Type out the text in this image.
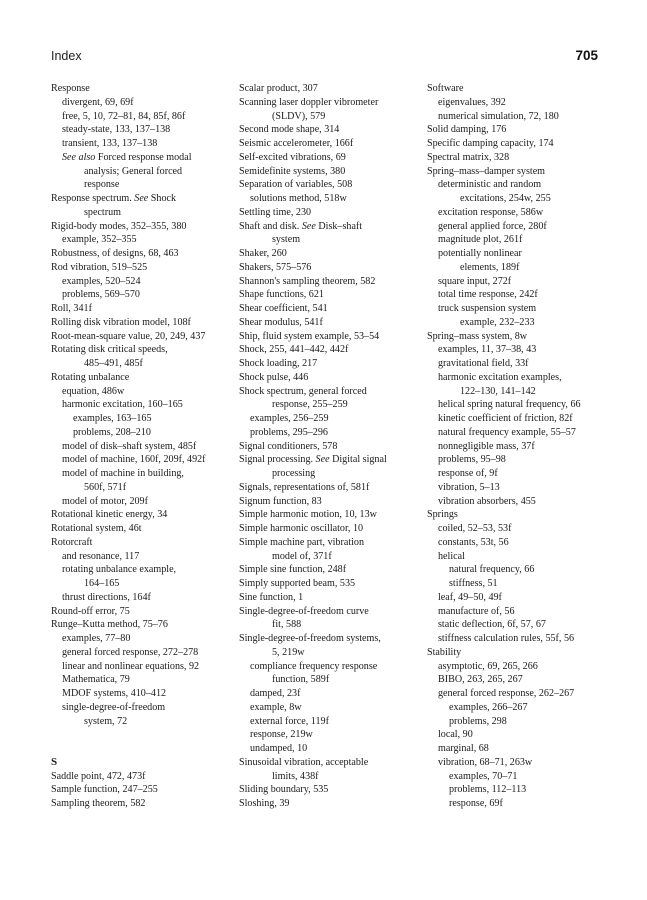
Index	705
Response
divergent, 69, 69f
free, 5, 10, 72–81, 84, 85f, 86f
steady-state, 133, 137–138
transient, 133, 137–138
See also Forced response modal
analysis; General forced
response
Response spectrum. See Shock
spectrum
Rigid-body modes, 352–355, 380
example, 352–355
Robustness, of designs, 68, 463
Rod vibration, 519–525
examples, 520–524
problems, 569–570
Roll, 341f
Rolling disk vibration model, 108f
Root-mean-square value, 20, 249, 437
Rotating disk critical speeds,
485–491, 485f
Rotating unbalance
equation, 486w
harmonic excitation, 160–165
examples, 163–165
problems, 208–210
model of disk–shaft system, 485f
model of machine, 160f, 209f, 492f
model of machine in building,
560f, 571f
model of motor, 209f
Rotational kinetic energy, 34
Rotational system, 46t
Rotorcraft
and resonance, 117
rotating unbalance example,
164–165
thrust directions, 164f
Round-off error, 75
Runge–Kutta method, 75–76
examples, 77–80
general forced response, 272–278
linear and nonlinear equations, 92
Mathematica, 79
MDOF systems, 410–412
single-degree-of-freedom
system, 72
S
Saddle point, 472, 473f
Sample function, 247–255
Sampling theorem, 582
Scalar product, 307
Scanning laser doppler vibrometer
(SLDV), 579
Second mode shape, 314
Seismic accelerometer, 166f
Self-excited vibrations, 69
Semidefinite systems, 380
Separation of variables, 508
solutions method, 518w
Settling time, 230
Shaft and disk. See Disk–shaft
system
Shaker, 260
Shakers, 575–576
Shannon's sampling theorem, 582
Shape functions, 621
Shear coefficient, 541
Shear modulus, 541f
Ship, fluid system example, 53–54
Shock, 255, 441–442, 442f
Shock loading, 217
Shock pulse, 446
Shock spectrum, general forced
response, 255–259
examples, 256–259
problems, 295–296
Signal conditioners, 578
Signal processing. See Digital signal
processing
Signals, representations of, 581f
Signum function, 83
Simple harmonic motion, 10, 13w
Simple harmonic oscillator, 10
Simple machine part, vibration
model of, 371f
Simple sine function, 248f
Simply supported beam, 535
Sine function, 1
Single-degree-of-freedom curve
fit, 588
Single-degree-of-freedom systems,
5, 219w
compliance frequency response
function, 589f
damped, 23f
example, 8w
external force, 119f
response, 219w
undamped, 10
Sinusoidal vibration, acceptable
limits, 438f
Sliding boundary, 535
Sloshing, 39
Software
eigenvalues, 392
numerical simulation, 72, 180
Solid damping, 176
Specific damping capacity, 174
Spectral matrix, 328
Spring–mass–damper system
deterministic and random
excitations, 254w, 255
excitation response, 586w
general applied force, 280f
magnitude plot, 261f
potentially nonlinear
elements, 189f
square input, 272f
total time response, 242f
truck suspension system
example, 232–233
Spring–mass system, 8w
examples, 11, 37–38, 43
gravitational field, 33f
harmonic excitation examples,
122–130, 141–142
helical spring natural frequency, 66
kinetic coefficient of friction, 82f
natural frequency example, 55–57
nonnegligible mass, 37f
problems, 95–98
response of, 9f
vibration, 5–13
vibration absorbers, 455
Springs
coiled, 52–53, 53f
constants, 53t, 56
helical
natural frequency, 66
stiffness, 51
leaf, 49–50, 49f
manufacture of, 56
static deflection, 6f, 57, 67
stiffness calculation rules, 55f, 56
Stability
asymptotic, 69, 265, 266
BIBO, 263, 265, 267
general forced response, 262–267
examples, 266–267
problems, 298
local, 90
marginal, 68
vibration, 68–71, 263w
examples, 70–71
problems, 112–113
response, 69f
